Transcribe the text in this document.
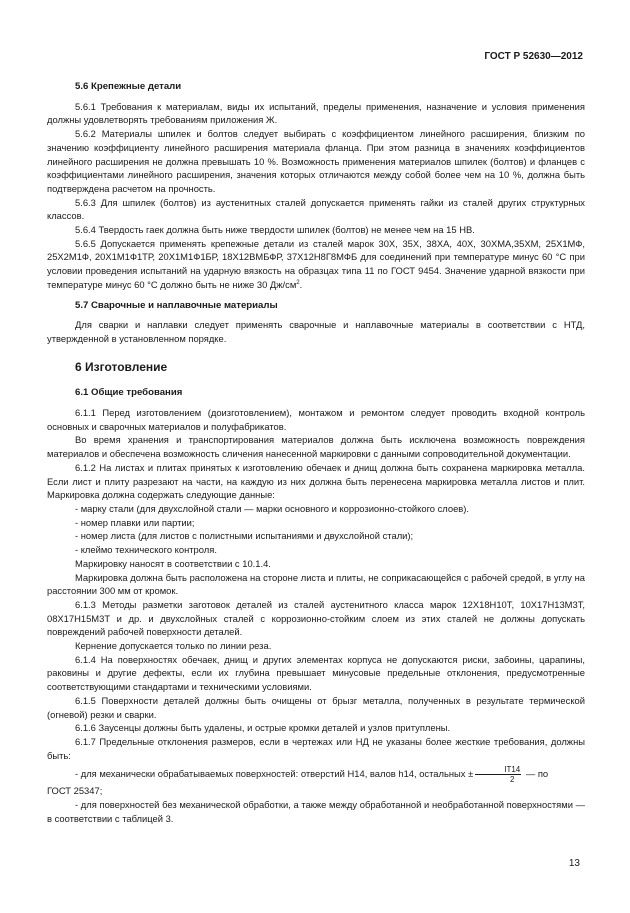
ГОСТ Р 52630—2012
5.6 Крепежные детали

5.6.1 Требования к материалам, виды их испытаний, пределы применения, назначение и условия применения должны удовлетворять требованиям приложения Ж.

5.6.2 Материалы шпилек и болтов следует выбирать с коэффициентом линейного расширения, близким по значению коэффициенту линейного расширения материала фланца. При этом разница в значениях коэффициентов линейного расширения не должна превышать 10 %. Возможность применения материалов шпилек (болтов) и фланцев с коэффициентами линейного расширения, значения которых отличаются между собой более чем на 10 %, должна быть подтверждена расчетом на прочность.

5.6.3 Для шпилек (болтов) из аустенитных сталей допускается применять гайки из сталей других структурных классов.

5.6.4 Твердость гаек должна быть ниже твердости шпилек (болтов) не менее чем на 15 НВ.

5.6.5 Допускается применять крепежные детали из сталей марок 30Х, 35Х, 38ХА, 40Х, 30ХМА,35ХМ, 25Х1МФ, 25Х2М1Ф, 20Х1М1Ф1ТР, 20Х1М1Ф1БР, 18Х12ВМБФР, 37Х12Н8Г8МФБ для соединений при температуре минус 60 °С при условии проведения испытаний на ударную вязкость на образцах типа 11 по ГОСТ 9454. Значение ударной вязкости при температуре минус 60 °С должно быть не ниже 30 $Дж/см^2$.

5.7 Сварочные и наплавочные материалы

Для сварки и наплавки следует применять сварочные и наплавочные материалы в соответствии с НТД, утвержденной в установленном порядке.

6 Изготовление
6.1 Общие требования

6.1.1 Перед изготовлением (доизготовлением), монтажом и ремонтом следует проводить входной контроль основных и сварочных материалов и полуфабрикатов.

Во время хранения и транспортирования материалов должна быть исключена возможность повреждения материалов и обеспечена возможность сличения нанесенной маркировки с данными сопроводительной документации.

6.1.2 На листах и плитах принятых к изготовлению обечаек и днищ должна быть сохранена маркировка металла. Если лист и плиту разрезают на части, на каждую из них должна быть перенесена маркировка металла листов и плит. Маркировка должна содержать следующие данные:

- марку стали (для двухслойной стали — марки основного и коррозионно-стойкого слоев).

- номер плавки или партии;

- номер листа (для листов с полистными испытаниями и двухслойной стали);

- клеймо технического контроля.

Маркировку наносят в соответствии с 10.1.4.

Маркировка должна быть расположена на стороне листа и плиты, не соприкасающейся с рабочей средой, в углу на расстоянии 300 мм от кромок.

6.1.3 Методы разметки заготовок деталей из сталей аустенитного класса марок 12Х18Н10Т, 10Х17Н13М3Т, 08Х17Н15М3Т и др. и двухслойных сталей с коррозионно-стойким слоем из этих сталей не должны допускать повреждений рабочей поверхности деталей.

Кернение допускается только по линии реза.

6.1.4 На поверхностях обечаек, днищ и других элементах корпуса не допускаются риски, забоины, царапины, раковины и другие дефекты, если их глубина превышает минусовые предельные отклонения, предусмотренные соответствующими стандартами и техническими условиями.

6.1.5 Поверхности деталей должны быть очищены от брызг металла, полученных в результате термической (огневой) резки и сварки.

6.1.6 Заусенцы должны быть удалены, и острые кромки деталей и узлов притуплены.

6.1.7 Предельные отклонения размеров, если в чертежах или НД не указаны более жесткие требования, должны быть:

- для механически обрабатываемых поверхностей: отверстий Н14, валов h14, остальных ± $\frac{IT14}{2}$ — по

ГОСТ 25347;

- для поверхностей без механической обработки, а также между обработанной и необработанной поверхностями — в соответствии с таблицей 3.

13
